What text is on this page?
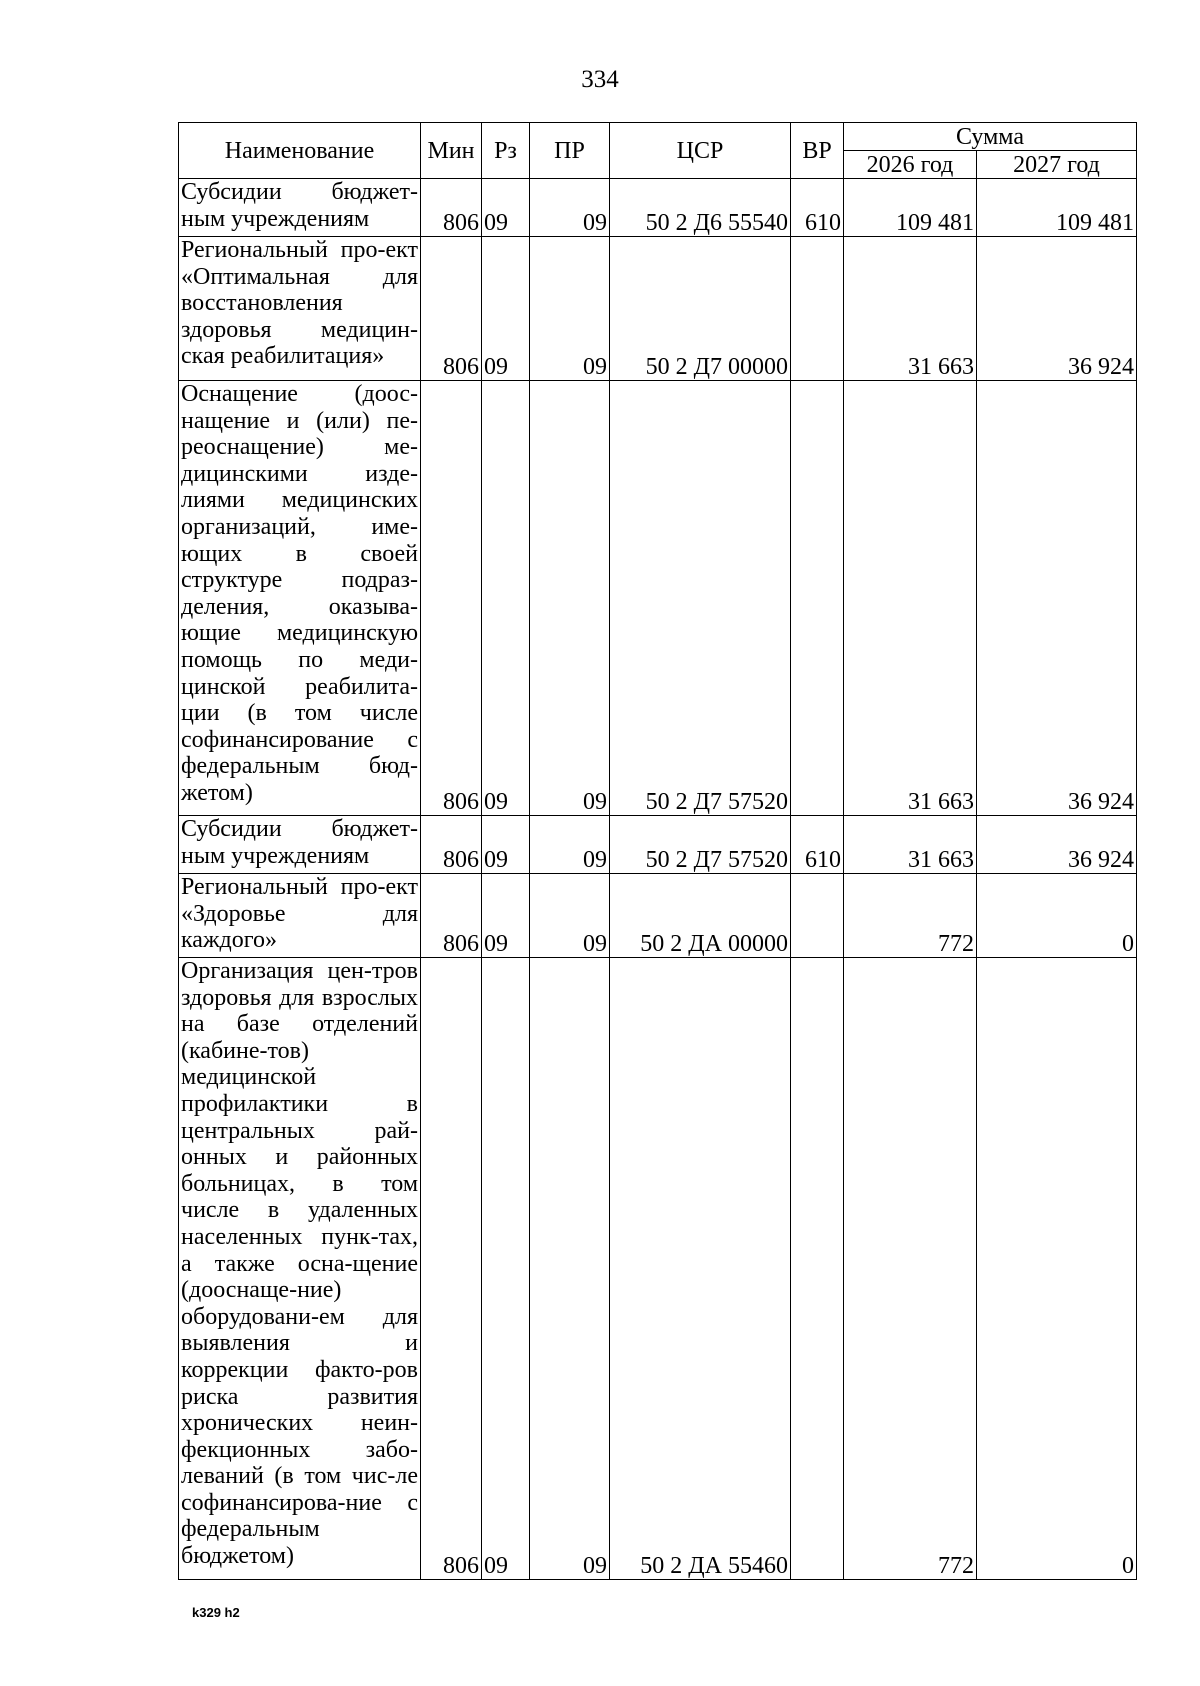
334
Наименование	Мин	Рз	ПР	ЦСР	ВР	Сумма	
						2026 год	2027 год
Субсидии бюджет-ным учреждениям	806	09	09	50 2 Д6 55540	610	109 481	109 481
Региональный про-ект «Оптимальная для восстановления здоровья медицин-ская реабилитация»	806	09	09	50 2 Д7 00000		31 663	36 924
Оснащение (доос-нащение и (или) пе-реоснащение) ме-дицинскими изде-лиями медицинских организаций, име-ющих в своей структуре подраз-деления, оказыва-ющие медицинскую помощь по меди-цинской реабилита-ции (в том числе софинансирование с федеральным бюд-жетом)	806	09	09	50 2 Д7 57520		31 663	36 924
Субсидии бюджет-ным учреждениям	806	09	09	50 2 Д7 57520	610	31 663	36 924
Региональный про-ект «Здоровье для каждого»	806	09	09	50 2 ДА 00000		772	0
Организация цен-тров здоровья для взрослых на базе отделений (кабине-тов) медицинской профилактики в центральных рай-онных и районных больницах, в том числе в удаленных населенных пунк-тах, а также осна-щение (дооснаще-ние) оборудовани-ем для выявления и коррекции факто-ров риска развития хронических неин-фекционных забо-леваний (в том чис-ле софинансирова-ние с федеральным бюджетом)	806	09	09	50 2 ДА 55460		772	0
k329 h2
